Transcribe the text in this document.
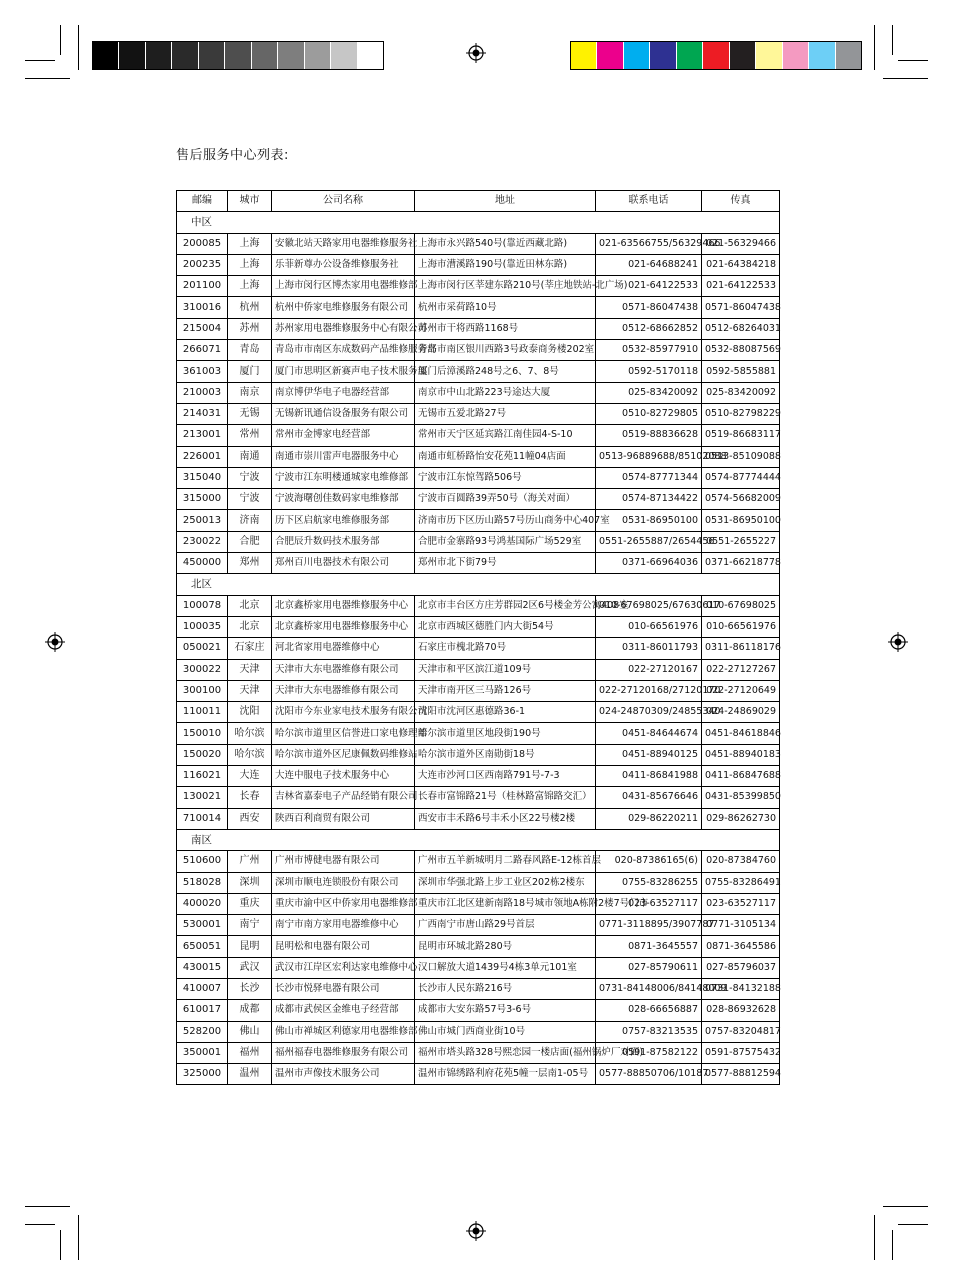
售后服务中心列表:
邮编	城市	公司名称	地址	联系电话	传真
中区					
200085	上海	安徽北站天路家用电器维修服务社	上海市永兴路540号(靠近西藏北路)	021-63566755/56329466	021-56329466
200235	上海	乐菲新尊办公设备维修服务社	上海市漕溪路190号(靠近田林东路)	021-64688241	021-64384218
201100	上海	上海市闵行区博杰家用电器维修部	上海市闵行区莘建东路210号(莘庄地铁站-北广场)	021-64122533	021-64122533
310016	杭州	杭州中侨家电维修服务有限公司	杭州市采荷路10号	0571-86047438	0571-86047438
215004	苏州	苏州家用电器维修服务中心有限公司	苏州市干将西路1168号	0512-68662852	0512-68264031
266071	青岛	青岛市市南区东成数码产品维修服务部	青岛市南区银川西路3号政泰商务楼202室	0532-85977910	0532-88087569
361003	厦门	厦门市思明区新赛声电子技术服务部	厦门后漳溪路248号之6、7、8号	0592-5170118	0592-5855881
210003	南京	南京博伊华电子电器经营部	南京市中山北路223号途达大厦	025-83420092	025-83420092
214031	无锡	无锡新讯通信设备服务有限公司	无锡市五爱北路27号	0510-82729805	0510-82798229
213001	常州	常州市金博家电经营部	常州市天宁区延宾路江南佳园4-S-10	0519-88836628	0519-86683117
226001	南通	南通市崇川雷声电器服务中心	南通市虹桥路怡安花苑11幢04店面	0513-96889688/85102088	0513-85109088
315040	宁波	宁波市江东明楼通城家电维修部	宁波市江东惊驾路506号	0574-87771344	0574-87774444
315000	宁波	宁波海曙创佳数码家电维修部	宁波市百圆路39弄50号（海关对面）	0574-87134422	0574-56682009
250013	济南	历下区启航家电维修服务部	济南市历下区历山路57号历山商务中心407室	0531-86950100	0531-86950100
230022	合肥	合肥辰升数码技术服务部	合肥市金寨路93号鸿基国际广场529室	0551-2655887/2654456	0551-2655227
450000	郑州	郑州百川电器技术有限公司	郑州市北下街79号	0371-66964036	0371-66218778
北区					
100078	北京	北京鑫桥家用电器维修服务中心	北京市丰台区方庄芳群园2区6号楼金芳公寓408室	010-67698025/67630617	010-67698025
100035	北京	北京鑫桥家用电器维修服务中心	北京市西城区德胜门内大街54号	010-66561976	010-66561976
050021	石家庄	河北省家用电器维修中心	石家庄市槐北路70号	0311-86011793	0311-86118176
300022	天津	天津市大东电器维修有限公司	天津市和平区滨江道109号	022-27120167	022-27127267
300100	天津	天津市大东电器维修有限公司	天津市南开区三马路126号	022-27120168/27120170	022-27120649
110011	沈阳	沈阳市今东业家电技术服务有限公司	沈阳市沈河区惠德路36-1	024-24870309/24855340	024-24869029
150010	哈尔滨	哈尔滨市道里区信誉进口家电修理部	哈尔滨市道里区地段街190号	0451-84644674	0451-84618846
150020	哈尔滨	哈尔滨市道外区尼康佩数码维修站	哈尔滨市道外区南勋街18号	0451-88940125	0451-88940183
116021	大连	大连中服电子技术服务中心	大连市沙河口区西南路791号-7-3	0411-86841988	0411-86847688
130021	长春	吉林省嘉泰电子产品经销有限公司	长春市富锦路21号（桂林路富锦路交汇）	0431-85676646	0431-85399850
710014	西安	陕西百利商贸有限公司	西安市丰禾路6号丰禾小区22号楼2楼	029-86220211	029-86262730
南区					
510600	广州	广州市博健电器有限公司	广州市五羊新城明月二路春风路E-12栋首层	020-87386165(6)	020-87384760
518028	深圳	深圳市顺电连锁股份有限公司	深圳市华强北路上步工业区202栋2楼东	0755-83286255	0755-83286491
400020	重庆	重庆市渝中区中侨家用电器维修部	重庆市江北区建新南路18号城市领地A栋附2楼7号门市	023-63527117	023-63527117
530001	南宁	南宁市南方家用电器维修中心	广西南宁市唐山路29号首层	0771-3118895/3907787	0771-3105134
650051	昆明	昆明松和电器有限公司	昆明市环城北路280号	0871-3645557	0871-3645586
430015	武汉	武汉市江岸区宏利达家电维修中心	汉口解放大道1439号4栋3单元101室	027-85790611	027-85796037
410007	长沙	长沙市悦驿电器有限公司	长沙市人民东路216号	0731-84148006/84148009	0731-84132188
610017	成都	成都市武侯区金维电子经营部	成都市大安东路57号3-6号	028-66656887	028-86932628
528200	佛山	佛山市禅城区利德家用电器维修部	佛山市城门西商业街10号	0757-83213535	0757-83204817
350001	福州	福州福春电器维修服务有限公司	福州市塔头路328号熙恋园一楼店面(福州锅炉厂对面)	0591-87582122	0591-87575432
325000	温州	温州市声像技术服务公司	温州市锦绣路利府花苑5幢一层南1-05号	0577-88850706/10187	0577-88812594
